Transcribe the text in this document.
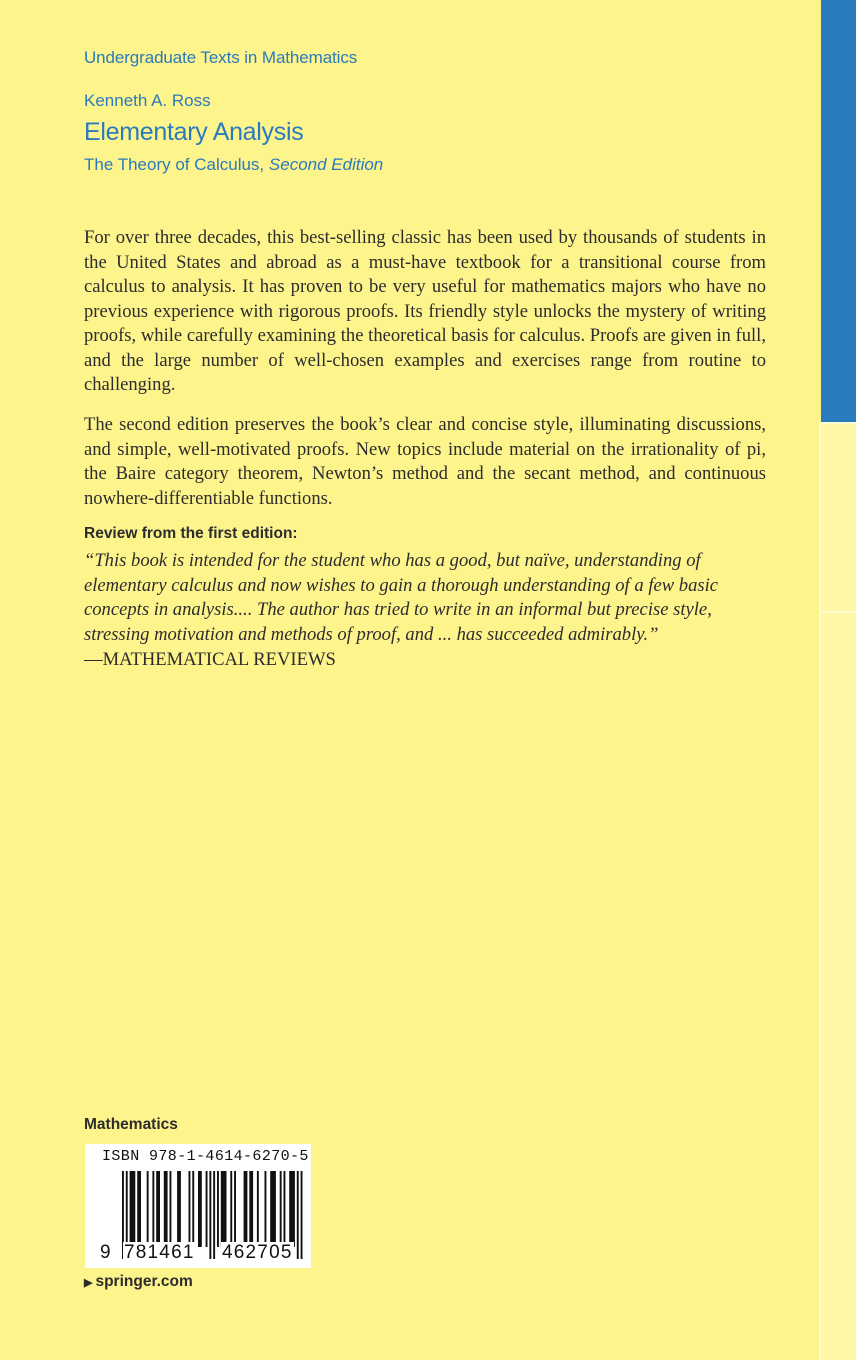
Undergraduate Texts in Mathematics
Kenneth A. Ross
Elementary Analysis
The Theory of Calculus, Second Edition
For over three decades, this best-selling classic has been used by thousands of students in the United States and abroad as a must-have textbook for a transitional course from calculus to analysis. It has proven to be very useful for mathematics majors who have no previous experience with rigorous proofs. Its friendly style unlocks the mystery of writing proofs, while carefully examining the theoretical basis for calculus. Proofs are given in full, and the large number of well-chosen examples and exercises range from routine to challenging.
The second edition preserves the book’s clear and concise style, illuminating discussions, and simple, well-motivated proofs. New topics include material on the irrationality of pi, the Baire category theorem, Newton’s method and the secant method, and continuous nowhere-differentiable functions.
Review from the first edition:
“This book is intended for the student who has a good, but naïve, understanding of elementary calculus and now wishes to gain a thorough understanding of a few basic concepts in analysis.... The author has tried to write in an informal but precise style, stressing motivation and methods of proof, and ... has succeeded admirably.”
—MATHEMATICAL REVIEWS
Mathematics
ISBN 978-1-4614-6270-5
9 781461 462705
▶ springer.com
